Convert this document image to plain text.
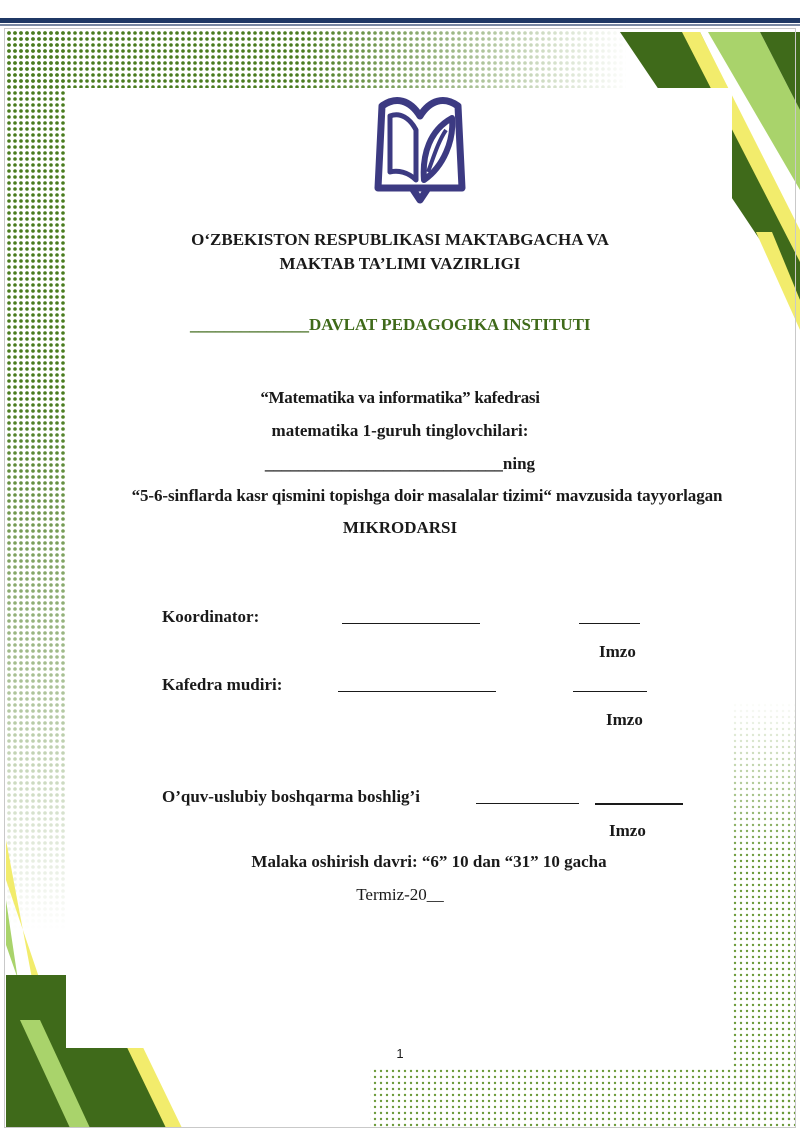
O‘ZBEKISTON RESPUBLIKASI MAKTABGACHA VA
MAKTAB TA’LIMI VAZIRLIGI
______________DAVLAT PEDAGOGIKA INSTITUTI
“Matematika va informatika” kafedrasi
matematika 1-guruh tinglovchilari:
____________________________ning
“5-6-sinflarda kasr qismini topishga doir masalalar tizimi“ mavzusida tayyorlagan
MIKRODARSI
Koordinator:
Imzo
Kafedra mudiri:
Imzo
O’quv-uslubiy boshqarma boshlig’i
Imzo
Malaka oshirish davri: “6” 10 dan “31” 10 gacha
Termiz-20__
1
